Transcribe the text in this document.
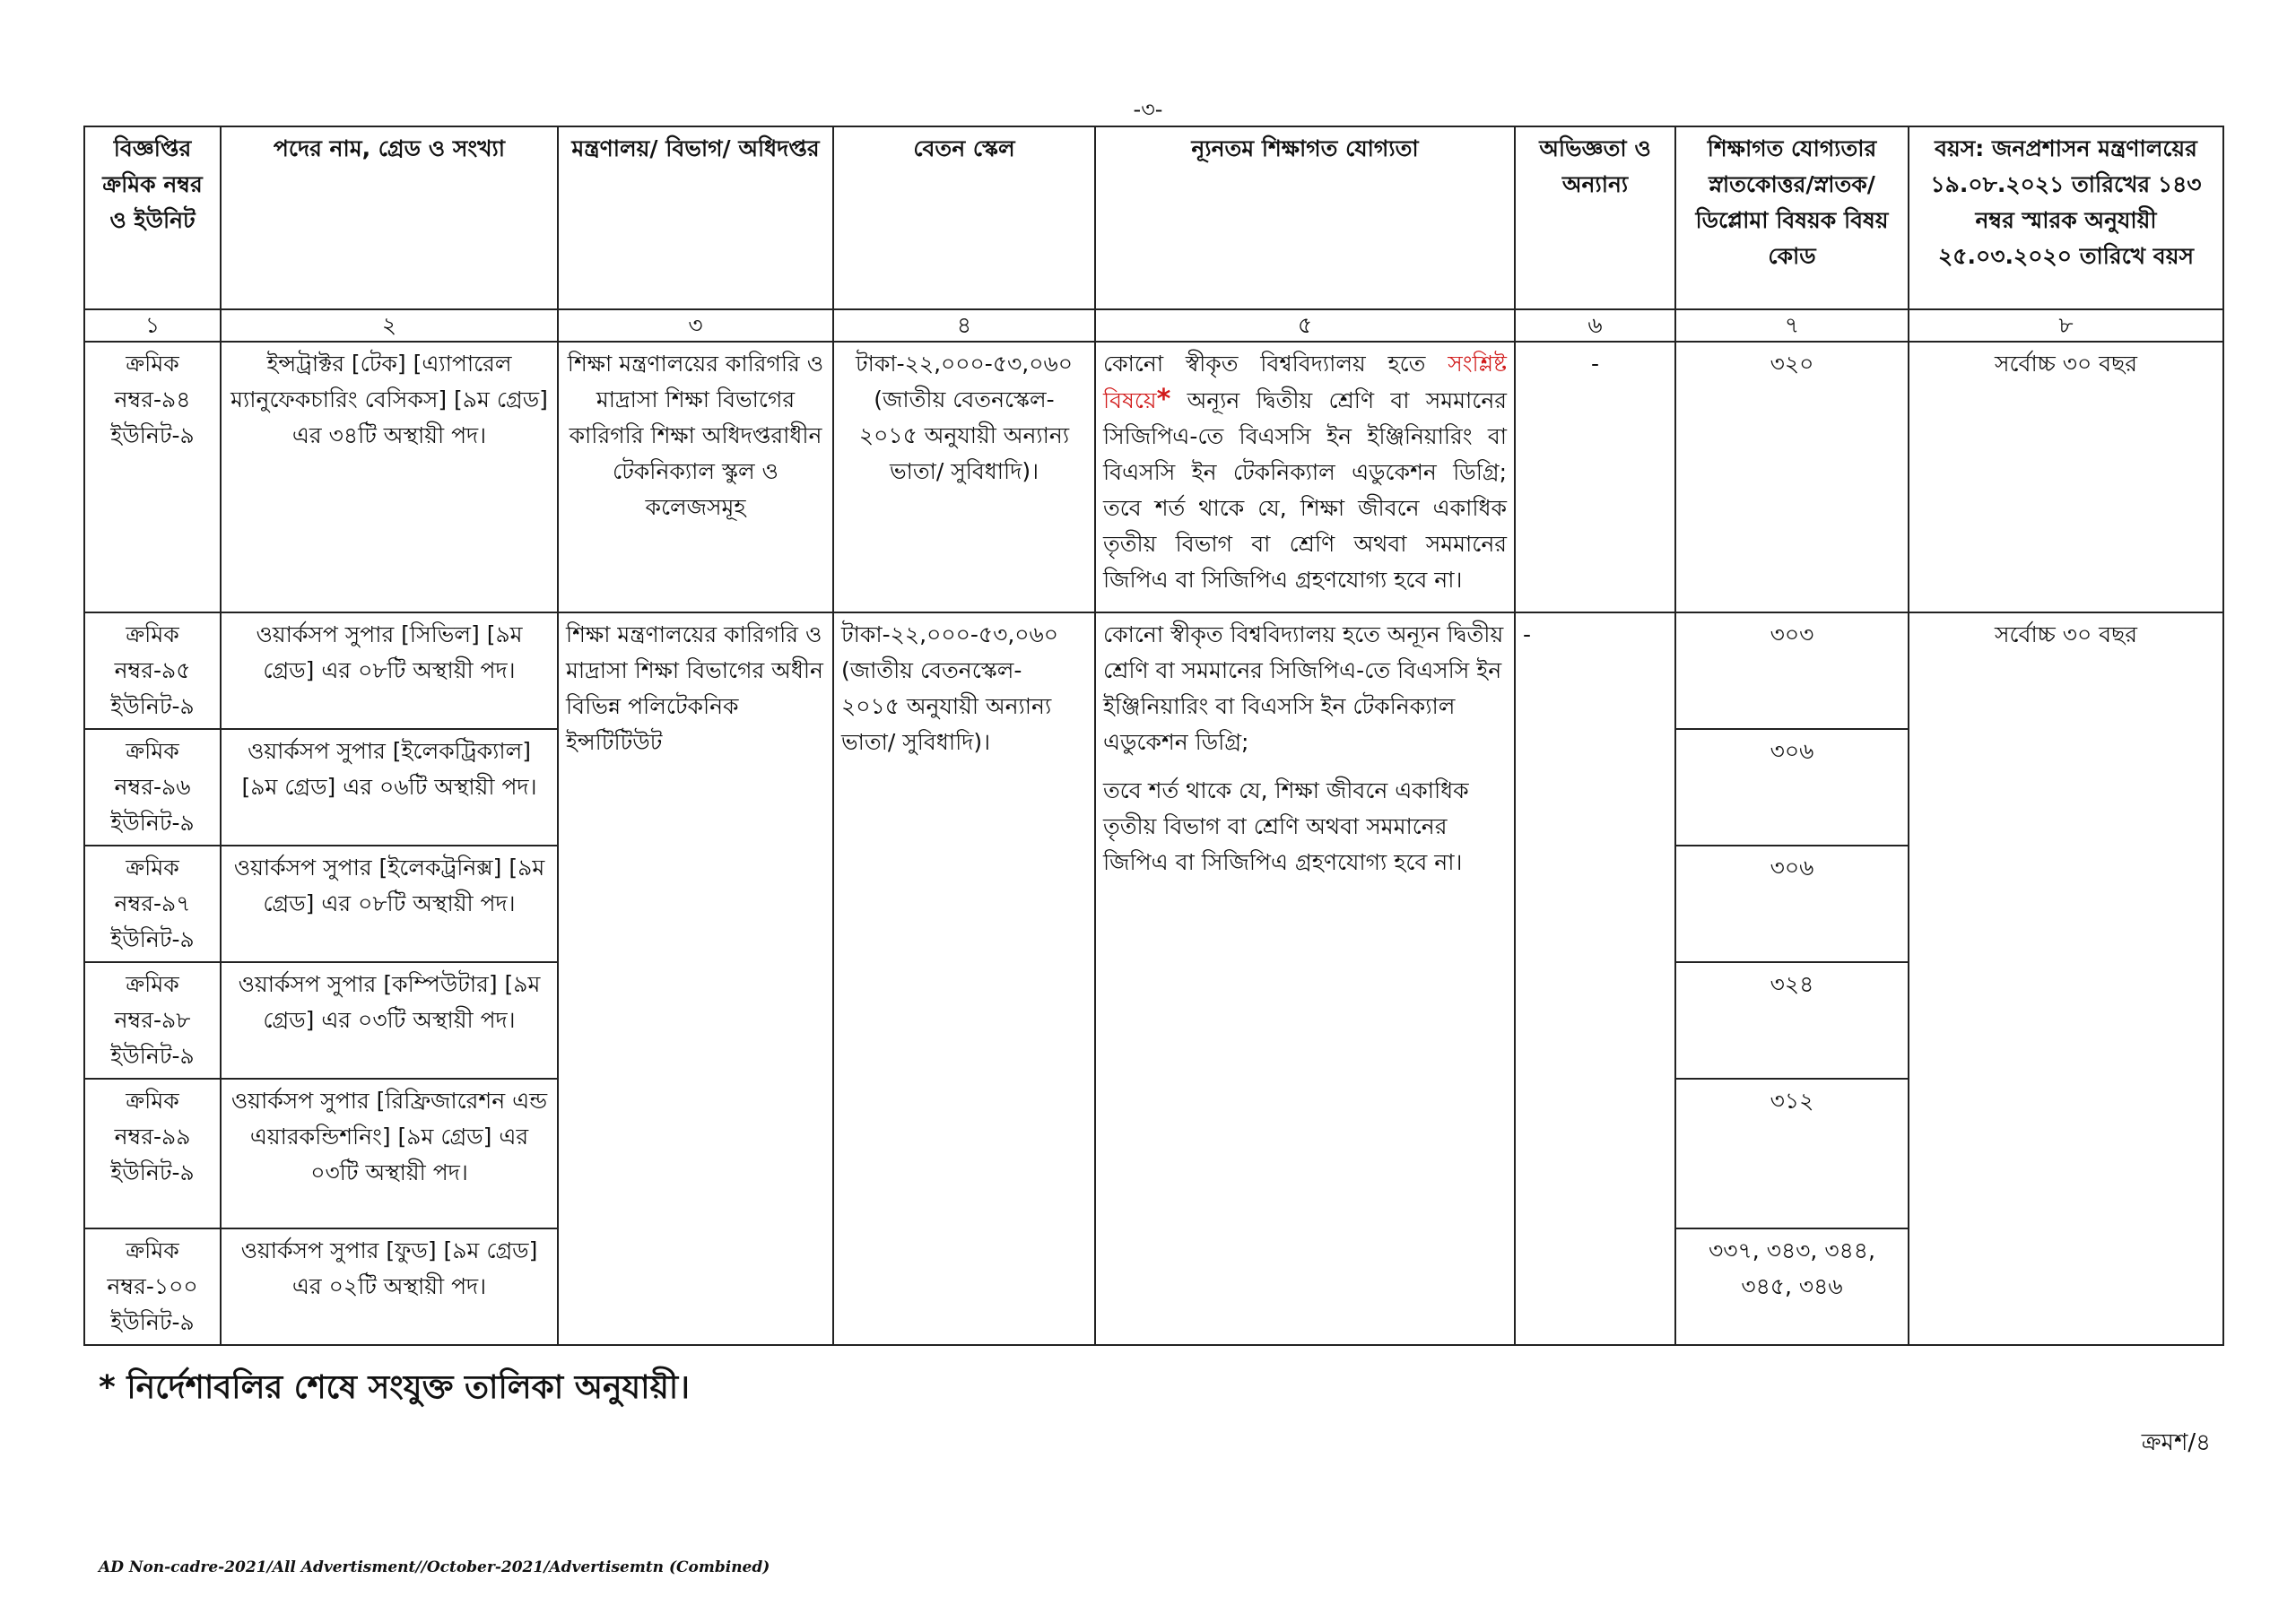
-৩-
বিজ্ঞপ্তির ক্রমিক নম্বর ও ইউনিট	পদের নাম, গ্রেড ও সংখ্যা	মন্ত্রণালয়/ বিভাগ/ অধিদপ্তর	বেতন স্কেল	ন্যূনতম শিক্ষাগত যোগ্যতা	অভিজ্ঞতা ও অন্যান্য	শিক্ষাগত যোগ্যতার স্নাতকোত্তর/স্নাতক/ ডিপ্লোমা বিষয়ক বিষয় কোড	বয়স: জনপ্রশাসন মন্ত্রণালয়ের ১৯.০৮.২০২১ তারিখের ১৪৩ নম্বর স্মারক অনুযায়ী ২৫.০৩.২০২০ তারিখে বয়স
১	২	৩	৪	৫	৬	৭	৮
ক্রমিক নম্বর-৯৪ ইউনিট-৯	ইন্সট্রাক্টর [টেক] [এ্যাপারেল ম্যানুফেকচারিং বেসিকস] [৯ম গ্রেড] এর ৩৪টি অস্থায়ী পদ।	শিক্ষা মন্ত্রণালয়ের কারিগরি ও মাদ্রাসা শিক্ষা বিভাগের কারিগরি শিক্ষা অধিদপ্তরাধীন টেকনিক্যাল স্কুল ও কলেজসমূহ	টাকা-২২,০০০-৫৩,০৬০ (জাতীয় বেতনস্কেল- ২০১৫ অনুযায়ী অন্যান্য ভাতা/ সুবিধাদি)।	কোনো স্বীকৃত বিশ্ববিদ্যালয় হতে সংশ্লিষ্ট বিষয়ে* অন্যূন দ্বিতীয় শ্রেণি বা সমমানের সিজিপিএ-তে বিএসসি ইন ইঞ্জিনিয়ারিং বা বিএসসি ইন টেকনিক্যাল এডুকেশন ডিগ্রি; তবে শর্ত থাকে যে, শিক্ষা জীবনে একাধিক তৃতীয় বিভাগ বা শ্রেণি অথবা সমমানের জিপিএ বা সিজিপিএ গ্রহণযোগ্য হবে না।	-	৩২০	সর্বোচ্চ ৩০ বছর
ক্রমিক নম্বর-৯৫ ইউনিট-৯	ওয়ার্কসপ সুপার [সিভিল] [৯ম গ্রেড] এর ০৮টি অস্থায়ী পদ।	শিক্ষা মন্ত্রণালয়ের কারিগরি ও মাদ্রাসা শিক্ষা বিভাগের অধীন বিভিন্ন পলিটেকনিক ইন্সটিটিউট	টাকা-২২,০০০-৫৩,০৬০ (জাতীয় বেতনস্কেল- ২০১৫ অনুযায়ী অন্যান্য ভাতা/ সুবিধাদি)।	কোনো স্বীকৃত বিশ্ববিদ্যালয় হতে অন্যূন দ্বিতীয় শ্রেণি বা সমমানের সিজিপিএ-তে বিএসসি ইন ইঞ্জিনিয়ারিং বা বিএসসি ইন টেকনিক্যাল এডুকেশন ডিগ্রি;
তবে শর্ত থাকে যে, শিক্ষা জীবনে একাধিক তৃতীয় বিভাগ বা শ্রেণি অথবা সমমানের জিপিএ বা সিজিপিএ গ্রহণযোগ্য হবে না।	-	৩০৩	সর্বোচ্চ ৩০ বছর
ক্রমিক নম্বর-৯৬ ইউনিট-৯	ওয়ার্কসপ সুপার [ইলেকট্রিক্যাল] [৯ম গ্রেড] এর ০৬টি অস্থায়ী পদ।					৩০৬	
ক্রমিক নম্বর-৯৭ ইউনিট-৯	ওয়ার্কসপ সুপার [ইলেকট্রনিক্স] [৯ম গ্রেড] এর ০৮টি অস্থায়ী পদ।					৩০৬	
ক্রমিক নম্বর-৯৮ ইউনিট-৯	ওয়ার্কসপ সুপার [কম্পিউটার] [৯ম গ্রেড] এর ০৩টি অস্থায়ী পদ।					৩২৪	
ক্রমিক নম্বর-৯৯ ইউনিট-৯	ওয়ার্কসপ সুপার [রিফ্রিজারেশন এন্ড এয়ারকন্ডিশনিং] [৯ম গ্রেড] এর ০৩টি অস্থায়ী পদ।					৩১২	
ক্রমিক নম্বর-১০০ ইউনিট-৯	ওয়ার্কসপ সুপার [ফুড] [৯ম গ্রেড] এর ০২টি অস্থায়ী পদ।					৩৩৭, ৩৪৩, ৩৪৪, ৩৪৫, ৩৪৬	
* নির্দেশাবলির শেষে সংযুক্ত তালিকা অনুযায়ী।
ক্রমশ/৪
AD Non-cadre-2021/All Advertisment//October-2021/Advertisemtn (Combined)
